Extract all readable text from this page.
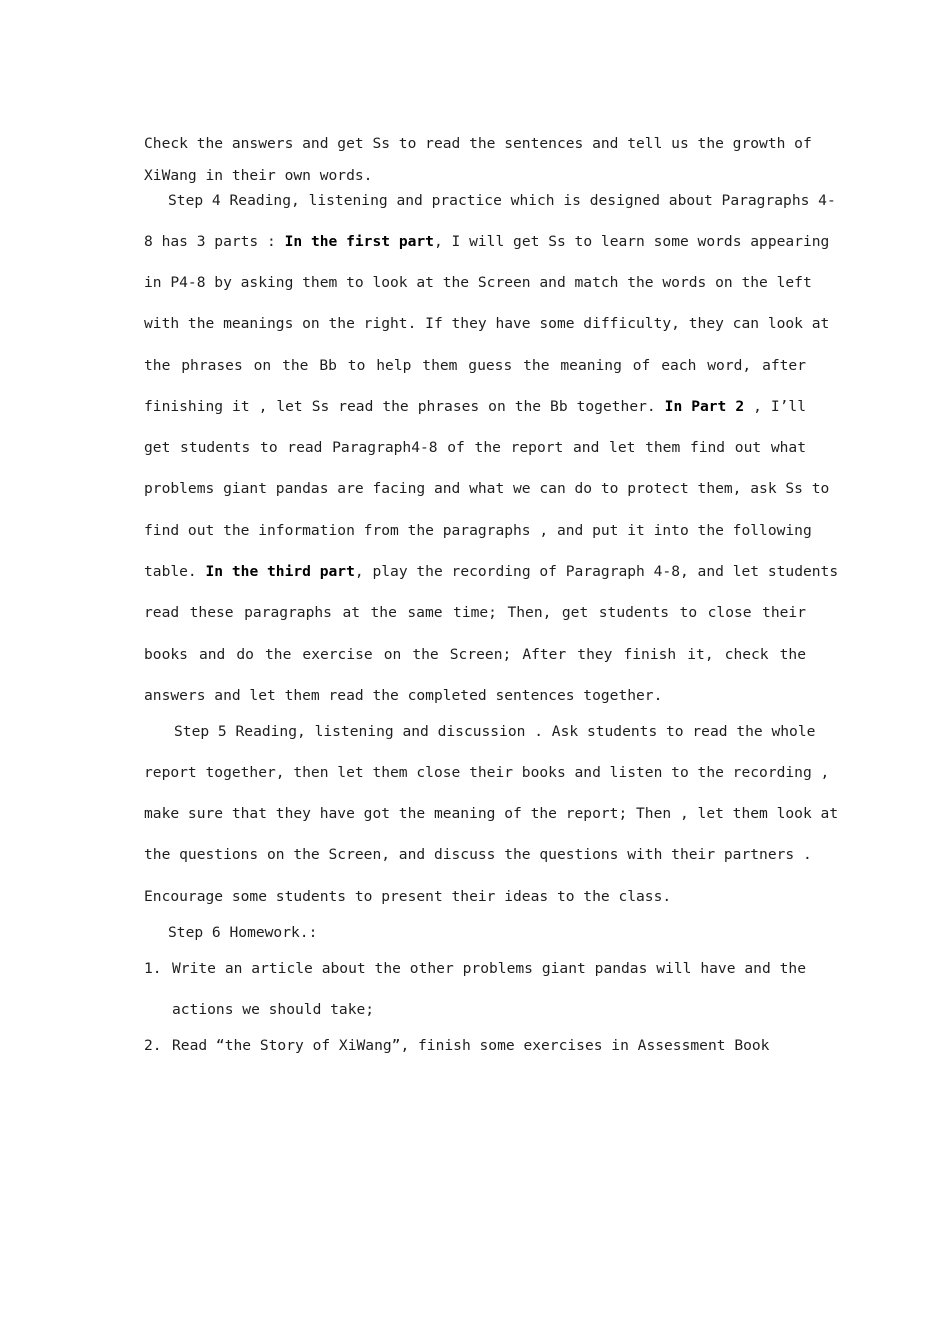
Check the answers and get Ss to read the sentences and tell us the growth of
XiWang in their own words.
Step 4 Reading, listening and practice which is designed about Paragraphs 4-
8 has 3 parts : In the first part, I will get Ss to learn some words appearing
in P4-8 by asking them to look at the Screen and match the words on the left
with the meanings on the right. If they have some difficulty, they can look at
the phrases on the Bb to help them guess the meaning of each word, after
finishing it , let Ss read the phrases on the Bb together. In Part 2 , I’ll
get students to read Paragraph4-8 of the report and let them find out what
problems giant pandas are facing and what we can do to protect them, ask Ss to
find out the information from the paragraphs , and put it into the following
table. In the third part, play the recording of Paragraph 4-8, and let students
read these paragraphs at the same time; Then, get students to close their
books and do the exercise on the Screen; After they finish it, check the
answers and let them read the completed sentences together.
Step 5 Reading, listening and discussion . Ask students to read the whole
report together, then let them close their books and listen to the recording ,
make sure that they have got the meaning of the report; Then , let them look at
the questions on the Screen, and discuss the questions with their partners .
Encourage some students to present their ideas to the class.
Step 6 Homework.:
1. Write an article about the other problems giant pandas will have and the
actions we should take;
2. Read “the Story of XiWang”, finish some exercises in Assessment Book
